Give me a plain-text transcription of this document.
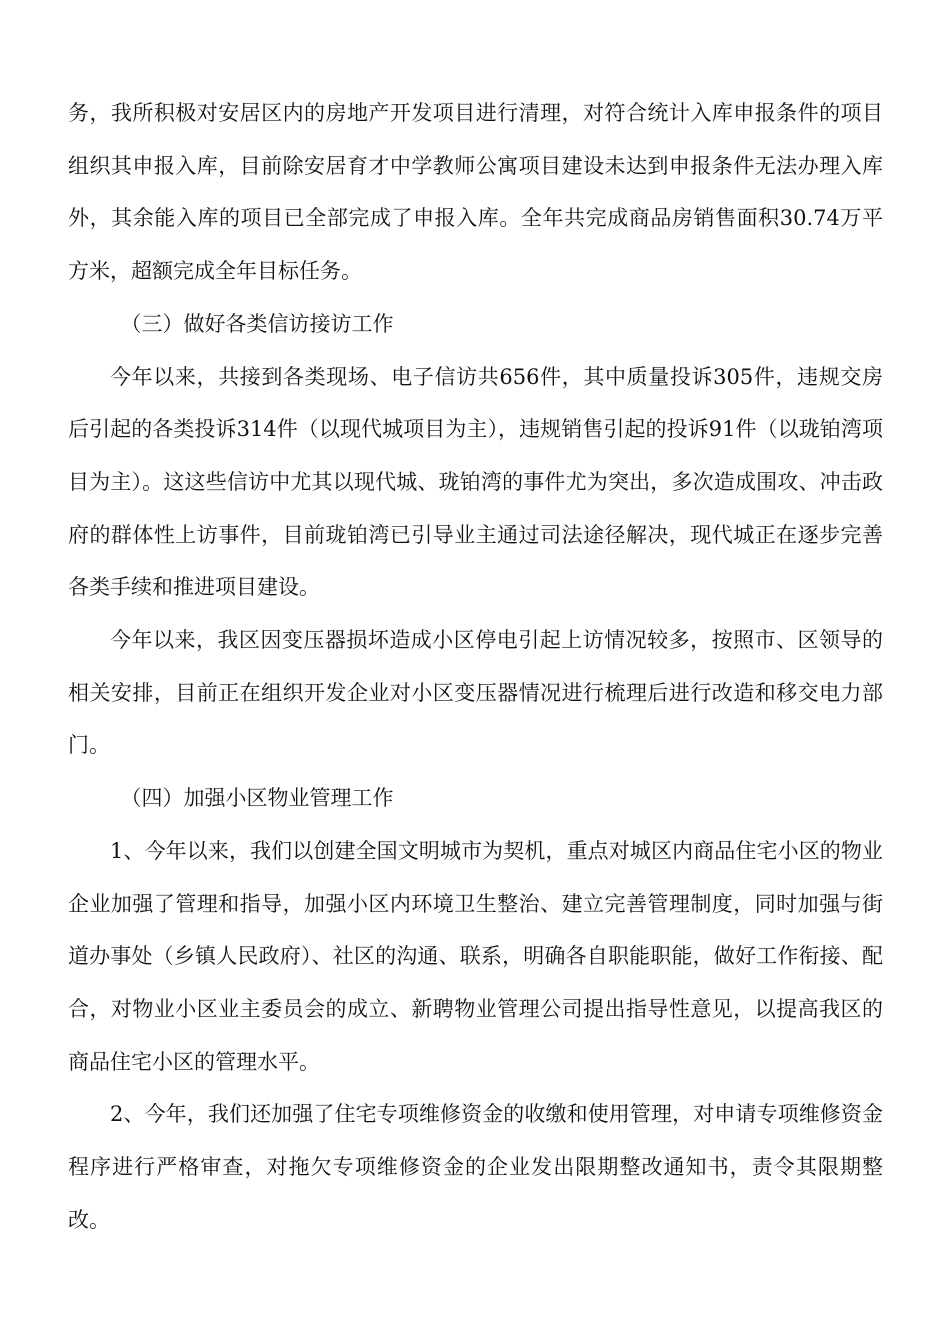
务，我所积极对安居区内的房地产开发项目进行清理，对符合统计入库申报条件的项目组织其申报入库，目前除安居育才中学教师公寓项目建设未达到申报条件无法办理入库外，其余能入库的项目已全部完成了申报入库。全年共完成商品房销售面积30.74万平方米，超额完成全年目标任务。

（三）做好各类信访接访工作

今年以来，共接到各类现场、电子信访共656件，其中质量投诉305件，违规交房后引起的各类投诉314件（以现代城项目为主），违规销售引起的投诉91件（以珑铂湾项目为主）。这这些信访中尤其以现代城、珑铂湾的事件尤为突出，多次造成围攻、冲击政府的群体性上访事件，目前珑铂湾已引导业主通过司法途径解决，现代城正在逐步完善各类手续和推进项目建设。

今年以来，我区因变压器损坏造成小区停电引起上访情况较多，按照市、区领导的相关安排，目前正在组织开发企业对小区变压器情况进行梳理后进行改造和移交电力部门。

（四）加强小区物业管理工作

1、今年以来，我们以创建全国文明城市为契机，重点对城区内商品住宅小区的物业企业加强了管理和指导，加强小区内环境卫生整治、建立完善管理制度，同时加强与街道办事处（乡镇人民政府）、社区的沟通、联系，明确各自职能职能，做好工作衔接、配合，对物业小区业主委员会的成立、新聘物业管理公司提出指导性意见，以提高我区的商品住宅小区的管理水平。

2、今年，我们还加强了住宅专项维修资金的收缴和使用管理，对申请专项维修资金程序进行严格审查，对拖欠专项维修资金的企业发出限期整改通知书，责令其限期整改。
